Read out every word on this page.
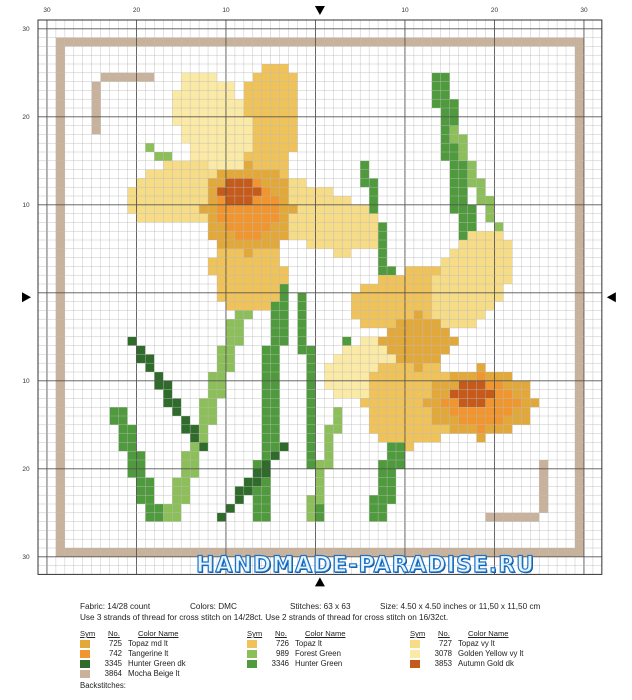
30	20	10	10	20	30
30
20
10
10
20
30	HANDMADE-PARADISE.RU
Fabric: 14/28 count	Colors: DMC	Stitches: 63 x 63	Size: 4.50 x 4.50 inches or 11,50 x 11,50 cm
Use 3 strands of thread for cross stitch on 14/28ct. Use 2 strands of thread for cross stitch on 16/32ct.
Sym No. Color Name
725 Topaz md lt
742 Tangerine lt
3345 Hunter Green dk
3864 Mocha Beige lt
Sym No. Color Name
726 Topaz lt
989 Forest Green
3346 Hunter Green
Sym No. Color Name
727 Topaz vy lt
3078 Golden Yellow vy lt
3853 Autumn Gold dk
Backstitches:
